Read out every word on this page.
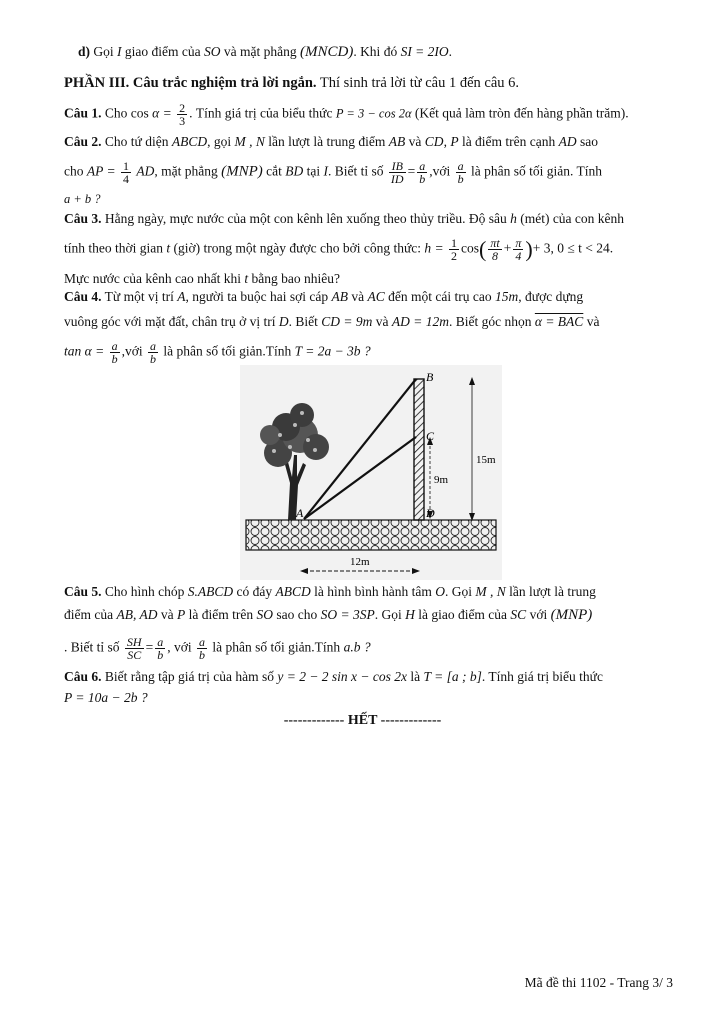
d) Gọi I giao điểm của SO và mặt phẳng (MNCD). Khi đó SI = 2IO.
PHẦN III. Câu trắc nghiệm trả lời ngắn. Thí sinh trả lời từ câu 1 đến câu 6.
Câu 1. Cho $\cos \alpha = \frac{2}{3}$ . Tính giá trị của biểu thức P = 3 − cos 2α (Kết quả làm tròn đến hàng phần trăm).
Câu 2. Cho tứ diện ABCD, gọi M , N lần lượt là trung điểm AB và CD, P là điểm trên cạnh AD sao
cho AP = $\frac{1}{4}$ AD, mặt phẳng (MNP) cắt BD tại I. Biết tỉ số $\frac{IB}{ID} = \frac{a}{b}$ ,với $\frac{a}{b}$ là phân số tối giản. Tính
a + b ?
Câu 3. Hằng ngày, mực nước của một con kênh lên xuống theo thủy triều. Độ sâu h (mét) của con kênh
tính theo thời gian t (giờ) trong một ngày được cho bởi công thức: $h = \frac{1}{2} \cos( \frac{\pi t}{8} + \frac{\pi}{4}$ )+ 3, 0 ≤ t < 24.
Mực nước của kênh cao nhất khi t bằng bao nhiêu?
Câu 4. Từ một vị trí A, người ta buộc hai sợi cáp AB và AC đến một cái trụ cao 15m, được dựng
vuông góc với mặt đất, chân trụ ở vị trí D. Biết CD = 9m và AD = 12m. Biết góc nhọn α = BAC và
$\tan \alpha = \frac{a}{b}$ ,với $\frac{a}{b}$ là phân số tối giản.Tính T = 2a − 3b ?
B
C
D
A
9m
15m
12m
Câu 5. Cho hình chóp S.ABCD có đáy ABCD là hình bình hành tâm O. Gọi M , N lần lượt là trung
điểm của AB, AD và P là điểm trên SO sao cho SO = 3SP. Gọi H là giao điểm của SC với (MNP)
. Biết tỉ số $\frac{SH}{SC} = \frac{a}{b}$ , với $\frac{a}{b}$ là phân số tối giản.Tính a.b ?
Câu 6. Biết rằng tập giá trị của hàm số y = 2 − 2 sin x − cos 2x là T = [a ; b]. Tính giá trị biểu thức
P = 10a − 2b ?
------------- HẾT -------------
Mã đề thi 1102 - Trang 3/ 3
